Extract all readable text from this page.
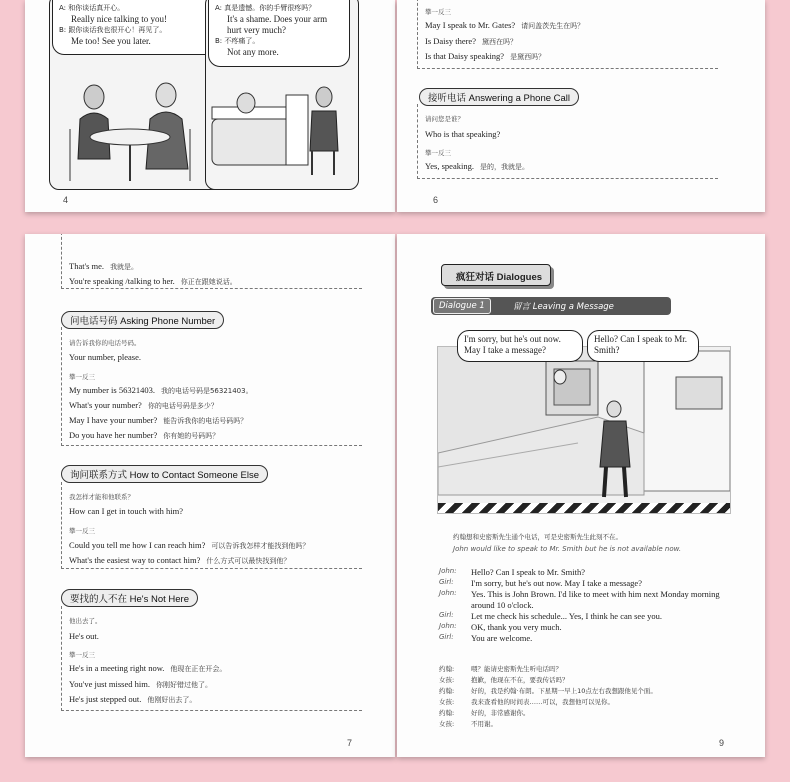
A: 和你谈话真开心。
Really nice talking to you!
B: 跟你谈话我也很开心！再见了。
Me too! See you later.
A: 真是遗憾。你的手臂很疼吗？
It's a shame. Does your arm
hurt very much?
B: 不疼痛了。
Not any more.
4
攀一反三
May I speak to Mr. Gates? 请问盖茨先生在吗？
Is Daisy there? 黛西在吗？
Is that Daisy speaking? 是黛西吗？
接听电话 Answering a Phone Call
请问您是谁？
Who is that speaking?
攀一反三
Yes, speaking. 是的，我就是。
6
That's me. 我就是。
You're speaking /talking to her. 你正在跟她说话。
问电话号码 Asking Phone Number
请告诉我你的电话号码。
Your number, please.
攀一反三
My number is 56321403. 我的电话号码是56321403。
What's your number? 你的电话号码是多少？
May I have your number? 能告诉我你的电话号码吗？
Do you have her number? 你有她的号码吗？
询问联系方式 How to Contact Someone Else
我怎样才能和他联系？
How can I get in touch with him?
攀一反三
Could you tell me how I can reach him? 可以告诉我怎样才能找到他吗？
What's the easiest way to contact him? 什么方式可以最快找到他？
要找的人不在 He's Not Here
他出去了。
He's out.
攀一反三
He's in a meeting right now. 他现在正在开会。
You've just missed him. 你刚好错过他了。
He's just stepped out. 他刚好出去了。
7
疯狂对话 Dialogues
Dialogue 1	留言 Leaving a Message
I'm sorry, but he's out now. May I take a message?
Hello? Can I speak to Mr. Smith?
约翰想和史密斯先生通个电话，可是史密斯先生此刻不在。
John would like to speak to Mr. Smith but he is not available now.
John: Hello? Can I speak to Mr. Smith?
Girl: I'm sorry, but he's out now. May I take a message?
John: Yes. This is John Brown. I'd like to meet with him next Monday morning
around 10 o'clock.
Girl: Let me check his schedule... Yes, I think he can see you.
John: OK, thank you very much.
Girl: You are welcome.
约翰:	喂？能请史密斯先生听电话吗？
女孩:	抱歉，他现在不在，要我传话吗？
约翰:	好的，我是约翰·布朗。下星期一早上10点左右我想跟他见个面。
女孩:	我来查看他的时间表……可以，我想他可以见你。
约翰:	好的，非常感谢你。
女孩:	不用谢。
9
